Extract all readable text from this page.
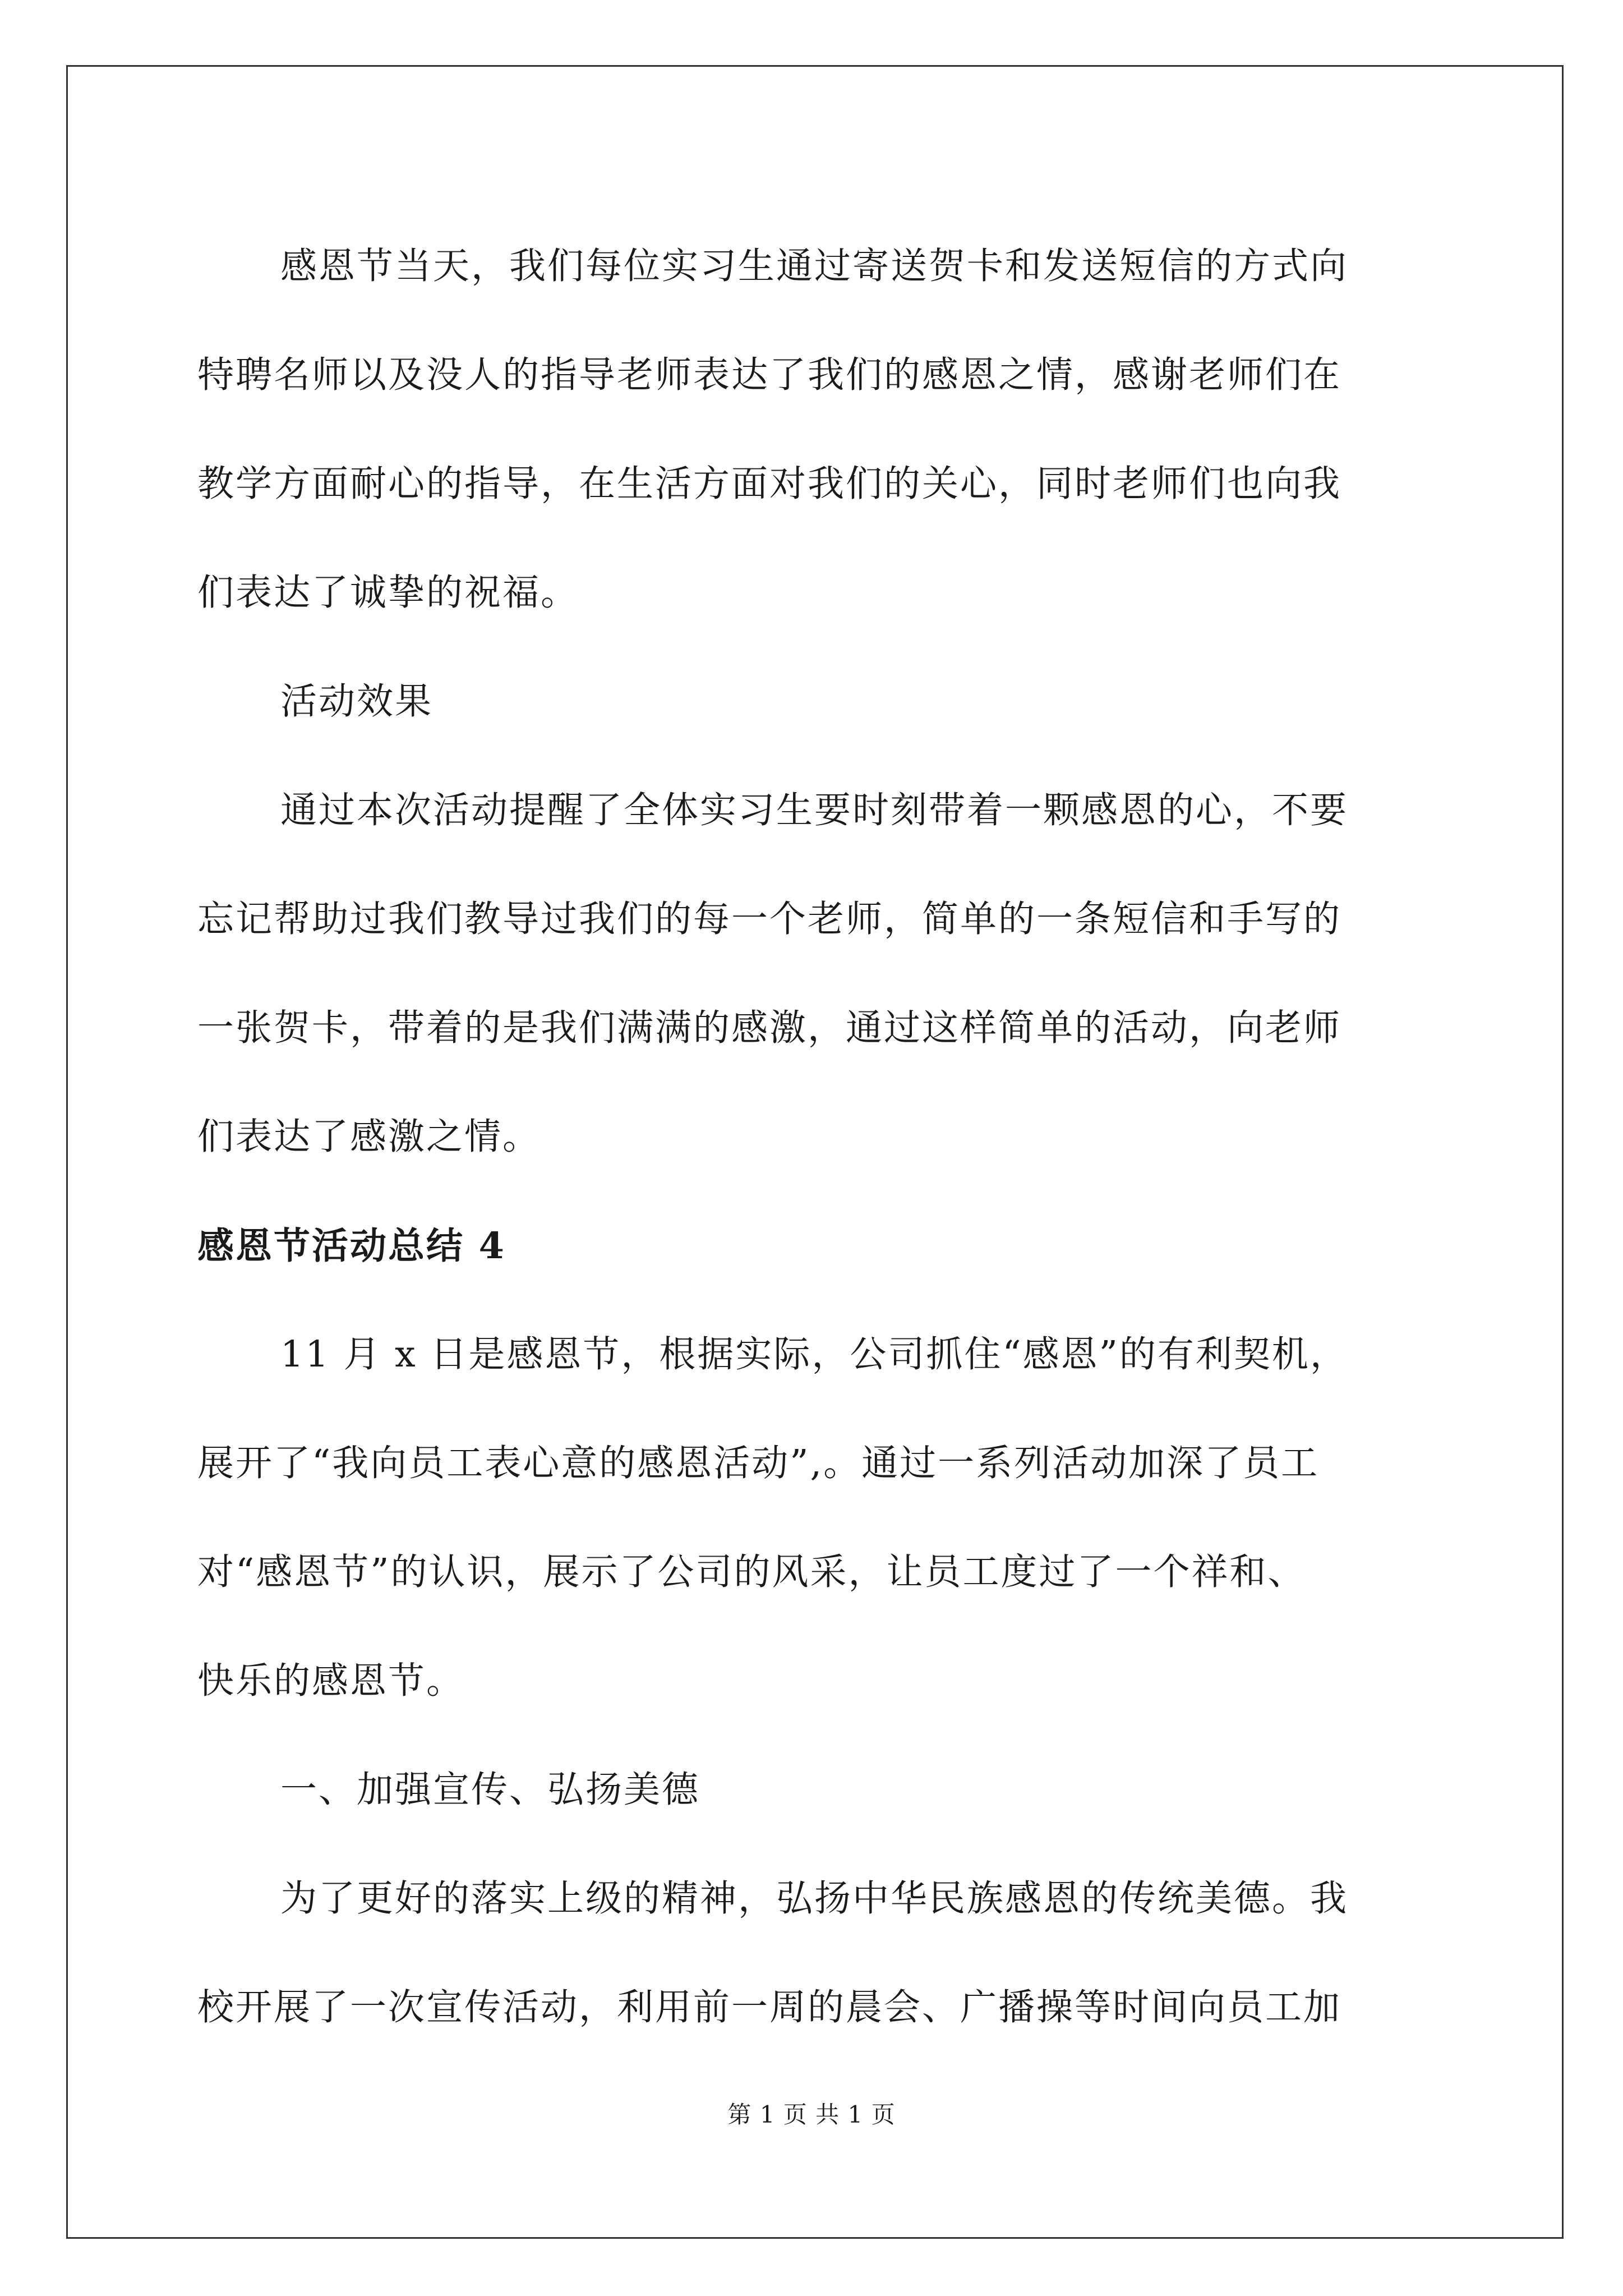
感恩节当天，我们每位实习生通过寄送贺卡和发送短信的方式向
特聘名师以及没人的指导老师表达了我们的感恩之情，感谢老师们在
教学方面耐心的指导，在生活方面对我们的关心，同时老师们也向我
们表达了诚挚的祝福。

活动效果

通过本次活动提醒了全体实习生要时刻带着一颗感恩的心，不要
忘记帮助过我们教导过我们的每一个老师，简单的一条短信和手写的
一张贺卡，带着的是我们满满的感激，通过这样简单的活动，向老师
们表达了感激之情。

感恩节活动总结 4

11 月 x 日是感恩节，根据实际，公司抓住“感恩”的有利契机，
展开了“我向员工表心意的感恩活动”,。通过一系列活动加深了员工
对“感恩节”的认识，展示了公司的风采，让员工度过了一个祥和、
快乐的感恩节。

一、加强宣传、弘扬美德

为了更好的落实上级的精神，弘扬中华民族感恩的传统美德。我
校开展了一次宣传活动，利用前一周的晨会、广播操等时间向员工加

第 1 页 共 1 页
